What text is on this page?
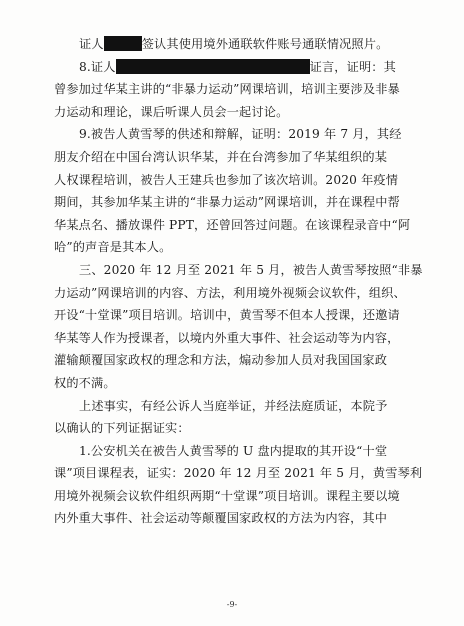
证人	签认其使用境外通联软件账号通联情况照片。
8.证人	证言，证明：其
曾参加过华某主讲的“非暴力运动”网课培训，培训主要涉及非暴
力运动和理论，课后听课人员会一起讨论。
9.被告人黄雪琴的供述和辩解，证明：2019 年 7 月，其经
朋友介绍在中国台湾认识华某，并在台湾参加了华某组织的某
人权课程培训，被告人王建兵也参加了该次培训。2020 年疫情
期间，其参加华某主讲的“非暴力运动”网课培训，并在课程中帮
华某点名、播放课件 PPT，还曾回答过问题。在该课程录音中“阿
哈”的声音是其本人。
三、2020 年 12 月至 2021 年 5 月，被告人黄雪琴按照“非暴
力运动”网课培训的内容、方法，利用境外视频会议软件，组织、
开设“十堂课”项目培训。培训中，黄雪琴不但本人授课，还邀请
华某等人作为授课者，以境内外重大事件、社会运动等为内容，
灌输颠覆国家政权的理念和方法，煽动参加人员对我国国家政
权的不满。
上述事实，有经公诉人当庭举证，并经法庭质证，本院予
以确认的下列证据证实：
1.公安机关在被告人黄雪琴的 U 盘内提取的其开设“十堂
课”项目课程表，证实：2020 年 12 月至 2021 年 5 月，黄雪琴利
用境外视频会议软件组织两期“十堂课”项目培训。课程主要以境
内外重大事件、社会运动等颠覆国家政权的方法为内容，其中
-9-
